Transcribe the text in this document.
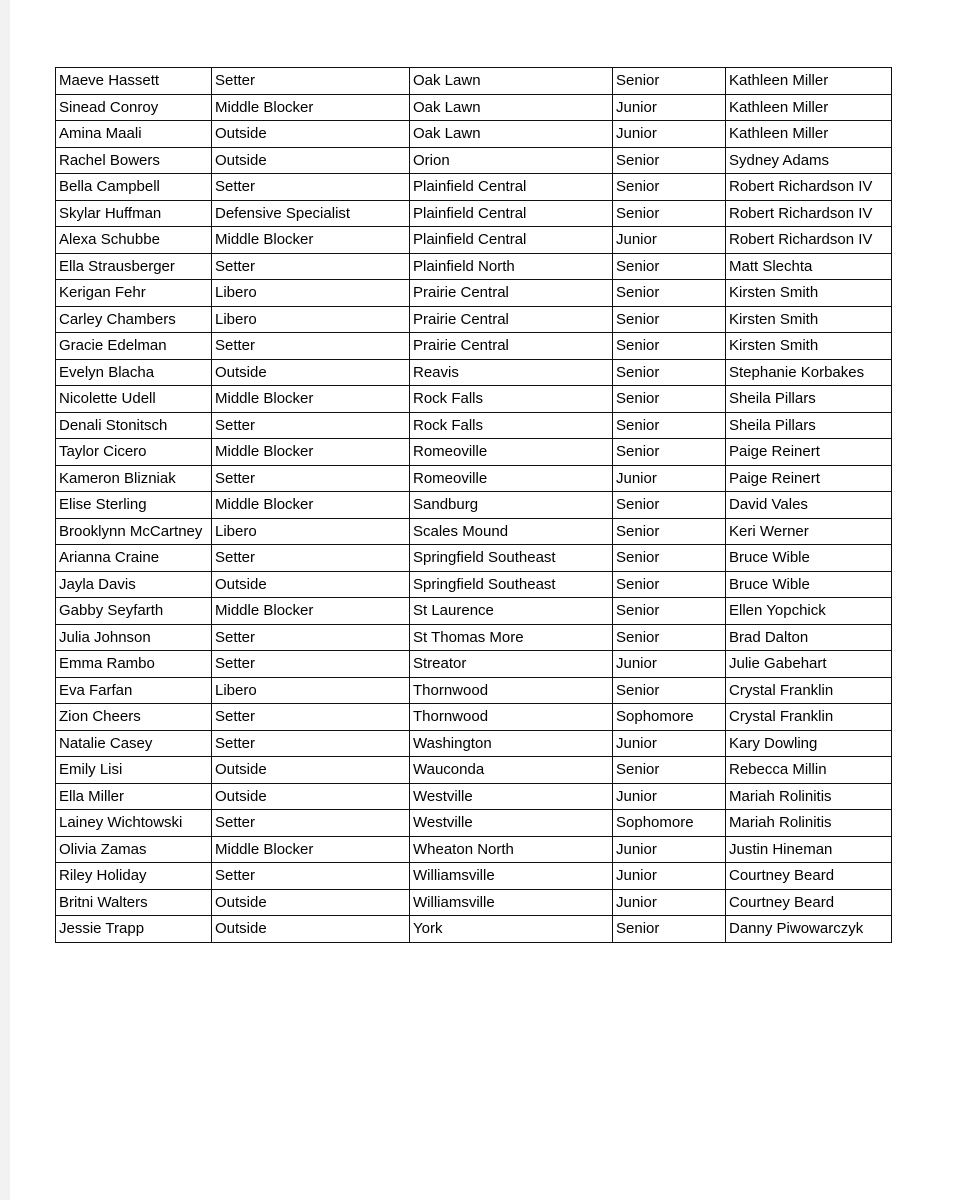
Maeve Hassett	Setter	Oak Lawn	Senior	Kathleen Miller
Sinead Conroy	Middle Blocker	Oak Lawn	Junior	Kathleen Miller
Amina Maali	Outside	Oak Lawn	Junior	Kathleen Miller
Rachel Bowers	Outside	Orion	Senior	Sydney Adams
Bella Campbell	Setter	Plainfield Central	Senior	Robert Richardson IV
Skylar Huffman	Defensive Specialist	Plainfield Central	Senior	Robert Richardson IV
Alexa Schubbe	Middle Blocker	Plainfield Central	Junior	Robert Richardson IV
Ella Strausberger	Setter	Plainfield North	Senior	Matt Slechta
Kerigan Fehr	Libero	Prairie Central	Senior	Kirsten Smith
Carley Chambers	Libero	Prairie Central	Senior	Kirsten Smith
Gracie Edelman	Setter	Prairie Central	Senior	Kirsten Smith
Evelyn Blacha	Outside	Reavis	Senior	Stephanie Korbakes
Nicolette Udell	Middle Blocker	Rock Falls	Senior	Sheila Pillars
Denali Stonitsch	Setter	Rock Falls	Senior	Sheila Pillars
Taylor Cicero	Middle Blocker	Romeoville	Senior	Paige Reinert
Kameron Blizniak	Setter	Romeoville	Junior	Paige Reinert
Elise Sterling	Middle Blocker	Sandburg	Senior	David Vales
Brooklynn McCartney	Libero	Scales Mound	Senior	Keri Werner
Arianna Craine	Setter	Springfield Southeast	Senior	Bruce Wible
Jayla Davis	Outside	Springfield Southeast	Senior	Bruce Wible
Gabby Seyfarth	Middle Blocker	St Laurence	Senior	Ellen Yopchick
Julia Johnson	Setter	St Thomas More	Senior	Brad Dalton
Emma Rambo	Setter	Streator	Junior	Julie Gabehart
Eva Farfan	Libero	Thornwood	Senior	Crystal Franklin
Zion Cheers	Setter	Thornwood	Sophomore	Crystal Franklin
Natalie Casey	Setter	Washington	Junior	Kary Dowling
Emily Lisi	Outside	Wauconda	Senior	Rebecca Millin
Ella Miller	Outside	Westville	Junior	Mariah Rolinitis
Lainey Wichtowski	Setter	Westville	Sophomore	Mariah Rolinitis
Olivia Zamas	Middle Blocker	Wheaton North	Junior	Justin Hineman
Riley Holiday	Setter	Williamsville	Junior	Courtney Beard
Britni Walters	Outside	Williamsville	Junior	Courtney Beard
Jessie Trapp	Outside	York	Senior	Danny Piwowarczyk
